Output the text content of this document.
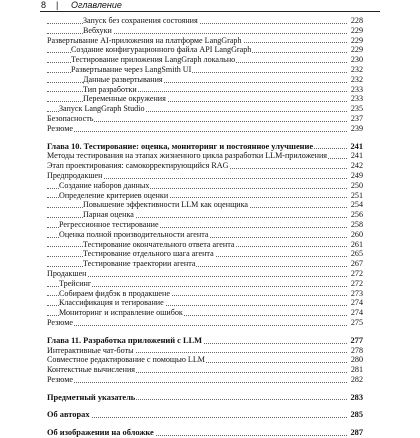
8 | Оглавление
Запуск без сохранения состояния	228
Вебхуки	229
Развертывание AI-приложения на платформе LangGraph	229
Создание конфигурационного файла API LangGraph	229
Тестирование приложения LangGraph локально	230
Развертывание через LangSmith UI	232
Данные развертывания	232
Тип разработки	233
Переменные окружения	233
Запуск LangGraph Studio	235
Безопасность	237
Резюме	239
Глава 10. Тестирование: оценка, мониторинг и постоянное улучшение	241
Методы тестирования на этапах жизненного цикла разработки LLM-приложения	241
Этап проектирования: самокорректирующийся RAG	242
Предпродакшен	249
Создание наборов данных	250
Определение критериев оценки	251
Повышение эффективности LLM как оценщика	254
Парная оценка	256
Регрессионное тестирование	258
Оценка полной производительности агента	260
Тестирование окончательного ответа агента	261
Тестирование отдельного шага агента	265
Тестирование траектории агента	267
Продакшен	272
Трейсинг	272
Собираем фидбэк в продакшене	273
Классификация и тегирование	274
Мониторинг и исправление ошибок	274
Резюме	275
Глава 11. Разработка приложений с LLM	277
Интерактивные чат-боты	278
Совместное редактирование с помощью LLM	280
Контекстные вычисления	281
Резюме	282
Предметный указатель	283
Об авторах	285
Об изображении на обложке	287
